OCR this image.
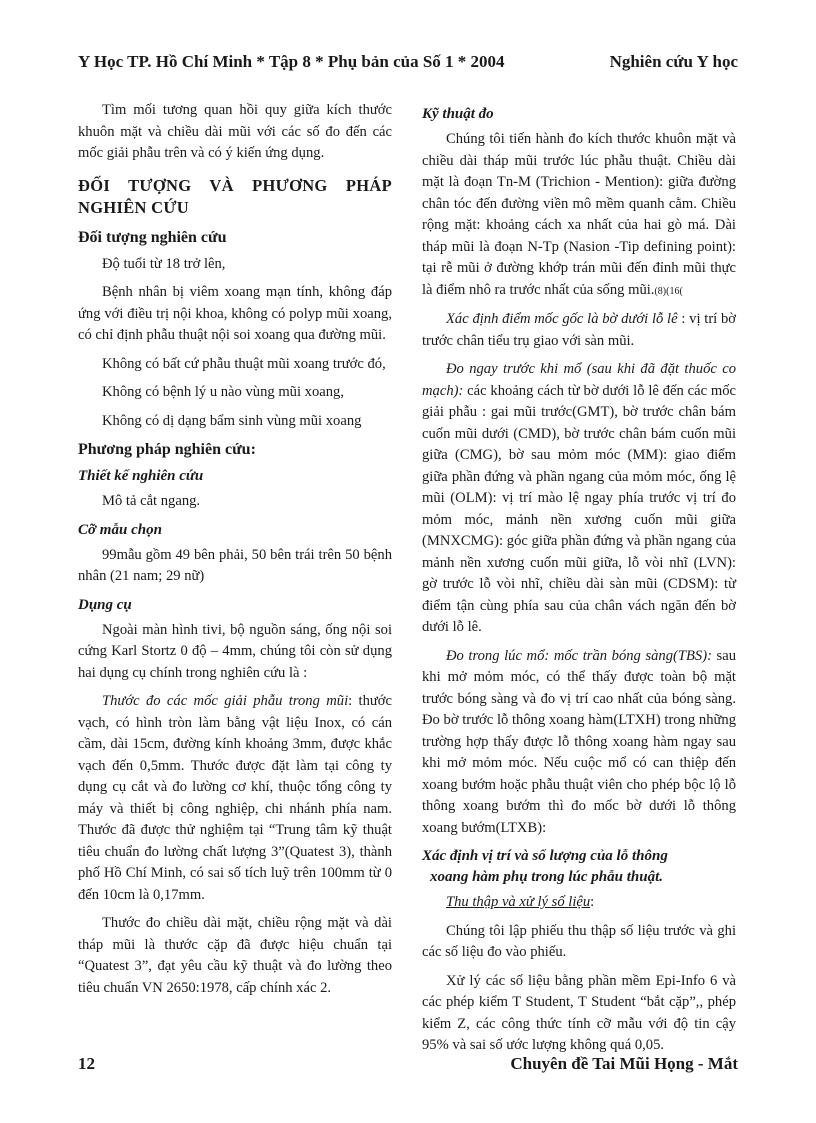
Y Học TP. Hồ Chí Minh * Tập 8 * Phụ bản của Số 1 * 2004	Nghiên cứu Y học

Tìm mối tương quan hồi quy giữa kích thước khuôn mặt và chiều dài mũi với các số đo đến các mốc giải phẫu trên và có ý kiến ứng dụng.

ĐỐI TƯỢNG VÀ PHƯƠNG PHÁP NGHIÊN CỨU
Đối tượng nghiên cứu

Độ tuổi từ 18 trở lên,

Bệnh nhân bị viêm xoang mạn tính, không đáp ứng với điều trị nội khoa, không có polyp mũi xoang, có chỉ định phẫu thuật nội soi xoang qua đường mũi.

Không có bất cứ phẫu thuật mũi xoang trước đó,

Không có bệnh lý u nào vùng mũi xoang,

Không có dị dạng bẩm sinh vùng mũi xoang

Phương pháp nghiên cứu:
Thiết kế nghiên cứu

Mô tả cắt ngang.

Cỡ mẫu chọn

99mẫu gồm 49 bên phải, 50 bên trái trên 50 bệnh nhân (21 nam; 29 nữ)

Dụng cụ

Ngoài màn hình tivi, bộ nguồn sáng, ống nội soi cứng Karl Stortz 0 độ – 4mm, chúng tôi còn sử dụng hai dụng cụ chính trong nghiên cứu là :

Thước đo các mốc giải phẫu trong mũi: thước vạch, có hình tròn làm bằng vật liệu Inox, có cán cầm, dài 15cm, đường kính khoảng 3mm, được khắc vạch đến 0,5mm. Thước được đặt làm tại công ty dụng cụ cắt và đo lường cơ khí, thuộc tổng công ty máy và thiết bị công nghiệp, chi nhánh phía nam. Thước đã được thử nghiệm tại “Trung tâm kỹ thuật tiêu chuẩn đo lường chất lượng 3”(Quatest 3), thành phố Hồ Chí Minh, có sai số tích luỹ trên 100mm từ 0 đến 10cm là 0,17mm.

Thước đo chiều dài mặt, chiều rộng mặt và dài tháp mũi là thước cặp đã được hiệu chuẩn tại “Quatest 3”, đạt yêu cầu kỹ thuật và đo lường theo tiêu chuẩn VN 2650:1978, cấp chính xác 2.

Kỹ thuật đo

Chúng tôi tiến hành đo kích thước khuôn mặt và chiều dài tháp mũi trước lúc phẫu thuật. Chiều dài mặt là đoạn Tn-M (Trichion - Mention): giữa đường chân tóc đến đường viền mô mềm quanh cằm. Chiều rộng mặt: khoảng cách xa nhất của hai gò má. Dài tháp mũi là đoạn N-Tp (Nasion -Tip defining point): tại rễ mũi ở đường khớp trán mũi đến đỉnh mũi thực là điểm nhô ra trước nhất của sống mũi.(8)(16(

Xác định điểm mốc gốc là bờ dưới lỗ lê : vị trí bờ trước chân tiểu trụ giao với sàn mũi.

Đo ngay trước khi mổ (sau khi đã đặt thuốc co mạch): các khoảng cách từ bờ dưới lỗ lê đến các mốc giải phẫu : gai mũi trước(GMT), bờ trước chân bám cuốn mũi dưới (CMD), bờ trước chân bám cuốn mũi giữa (CMG), bờ sau mỏm móc (MM): giao điểm giữa phần đứng và phần ngang của mỏm móc, ống lệ mũi (OLM): vị trí mào lệ ngay phía trước vị trí đo mỏm móc, mảnh nền xương cuốn mũi giữa (MNXCMG): góc giữa phần đứng và phần ngang của mảnh nền xương cuốn mũi giữa, lỗ vòi nhĩ (LVN): gờ trước lỗ vòi nhĩ, chiều dài sàn mũi (CDSM): từ điểm tận cùng phía sau của chân vách ngăn đến bờ dưới lỗ lê.

Đo trong lúc mổ: mốc trần bóng sàng(TBS): sau khi mở mỏm móc, có thể thấy được toàn bộ mặt trước bóng sàng và đo vị trí cao nhất của bóng sàng. Đo bờ trước lỗ thông xoang hàm(LTXH) trong những trường hợp thấy được lỗ thông xoang hàm ngay sau khi mở mỏm móc. Nếu cuộc mổ có can thiệp đến xoang bướm hoặc phẫu thuật viên cho phép bộc lộ lỗ thông xoang bướm thì đo mốc bờ dưới lỗ thông xoang bướm(LTXB):

Xác định vị trí và số lượng của lỗ thông
xoang hàm phụ trong lúc phẫu thuật.

Thu thập và xử lý số liệu:

Chúng tôi lập phiếu thu thập số liệu trước và ghi các số liệu đo vào phiếu.

Xử lý các số liệu bằng phần mềm Epi-Info 6 và các phép kiểm T Student, T Student “bắt cặp”,, phép kiểm Z, các công thức tính cỡ mẫu với độ tin cậy 95% và sai số ước lượng không quá 0,05.

12	Chuyên đề Tai Mũi Họng - Mắt
